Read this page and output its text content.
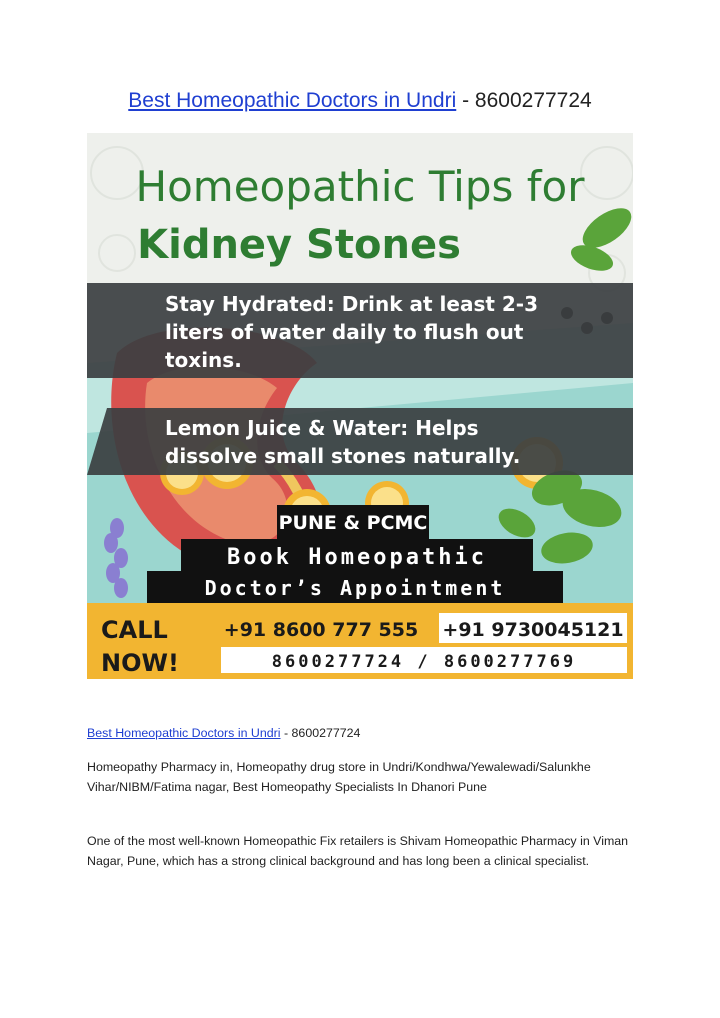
Best Homeopathic Doctors in Undri - 8600277724
Homeopathic Tips for
Kidney Stones
Stay Hydrated: Drink at least 2-3
liters of water daily to flush out
toxins.
Lemon Juice & Water: Helps
dissolve small stones naturally.
PUNE & PCMC
Book Homeopathic
Doctor’s Appointment
CALL
NOW!
+91 8600 777 555 +91 9730045121
8600277724 / 8600277769
Best Homeopathic Doctors in Undri - 8600277724

Homeopathy Pharmacy in, Homeopathy drug store in Undri/Kondhwa/Yewalewadi/Salunkhe Vihar/NIBM/Fatima nagar, Best Homeopathy Specialists In Dhanori Pune

One of the most well-known Homeopathic Fix retailers is Shivam Homeopathic Pharmacy in Viman Nagar, Pune, which has a strong clinical background and has long been a clinical specialist.
